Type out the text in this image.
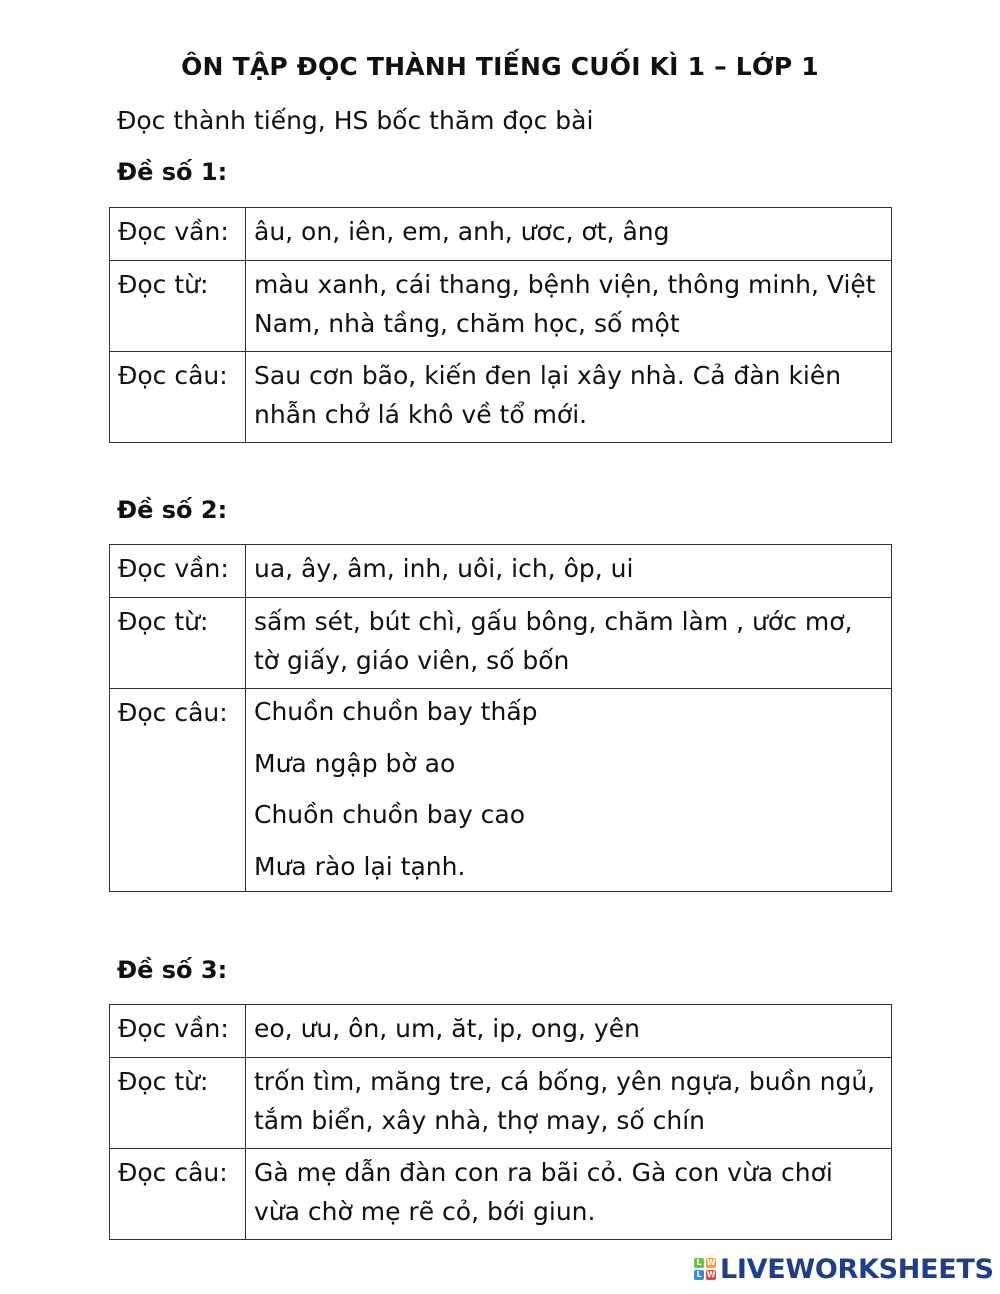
ÔN TẬP ĐỌC THÀNH TIẾNG CUỐI KÌ 1 – LỚP 1
Đọc thành tiếng, HS bốc thăm đọc bài
Đề số 1:
Đọc vần:	âu, on, iên, em, anh, ươc, ơt, âng
Đọc từ:	màu xanh, cái thang, bệnh viện, thông minh, Việt Nam, nhà tầng, chăm học, số một
Đọc câu:	Sau cơn bão, kiến đen lại xây nhà. Cả đàn kiên nhẫn chở lá khô về tổ mới.
Đề số 2:
Đọc vần:	ua, ây, âm, inh, uôi, ich, ôp, ui
Đọc từ:	sấm sét, bút chì, gấu bông, chăm làm , ước mơ, tờ giấy, giáo viên, số bốn
Đọc câu:	Chuồn chuồn bay thấp
Mưa ngập bờ ao
Chuồn chuồn bay cao
Mưa rào lại tạnh.
Đề số 3:
Đọc vần:	eo, ưu, ôn, um, ăt, ip, ong, yên
Đọc từ:	trốn tìm, măng tre, cá bống, yên ngựa, buồn ngủ, tắm biển, xây nhà, thợ may, số chín
Đọc câu:	Gà mẹ dẫn đàn con ra bãi cỏ. Gà con vừa chơi vừa chờ mẹ rẽ cỏ, bới giun.
L W
L W LIVEWORKSHEETS
